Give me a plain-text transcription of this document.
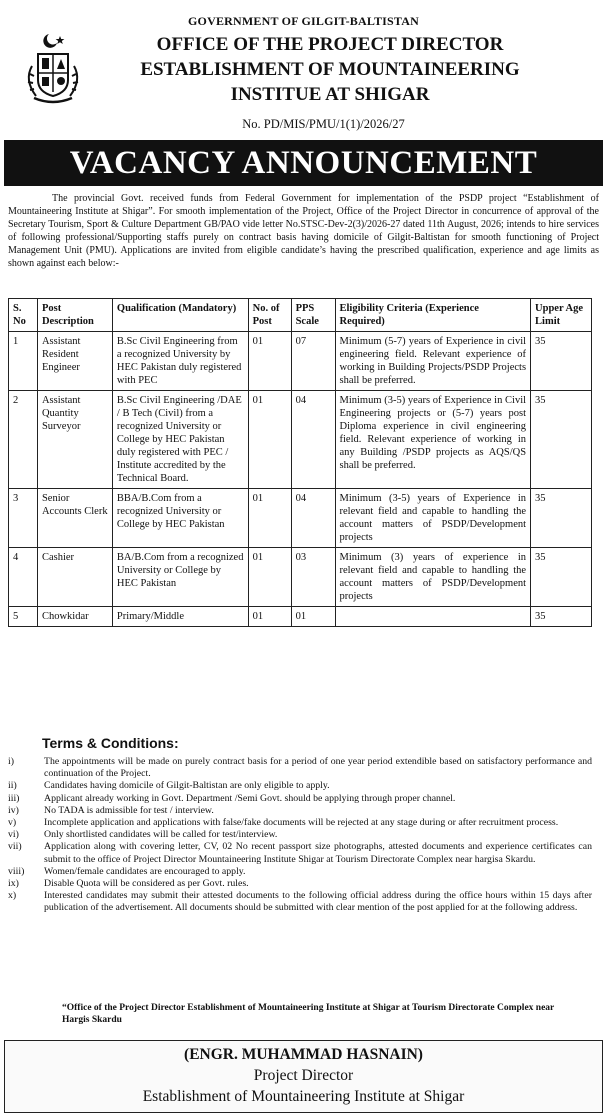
GOVERNMENT OF GILGIT-BALTISTAN
OFFICE OF THE PROJECT DIRECTOR
ESTABLISHMENT OF MOUNTAINEERING
INSTITUE AT SHIGAR
No. PD/MIS/PMU/1(1)/2026/27
VACANCY ANNOUNCEMENT

The provincial Govt. received funds from Federal Government for implementation of the PSDP project “Establishment of Mountaineering Institute at Shigar”. For smooth implementation of the Project, Office of the Project Director in concurrence of approval of the Secretary Tourism, Sport & Culture Department GB/PAO vide letter No.STSC-Dev-2(3)/2026-27 dated 11th August, 2026; intends to hire services of following professional/Supporting staffs purely on contract basis having domicile of Gilgit-Baltistan for smooth functioning of Project Management Unit (PMU). Applications are invited from eligible candidate’s having the prescribed qualification, experience and age limits as shown against each below:-

S. No	Post Description	Qualification (Mandatory)	No. of Post	PPS Scale	Eligibility Criteria (Experience Required)	Upper Age Limit
1	Assistant Resident Engineer	B.Sc Civil Engineering from a recognized University by HEC Pakistan duly registered with PEC	01	07	Minimum (5-7) years of Experience in civil engineering field. Relevant experience of working in Building Projects/PSDP Projects shall be preferred.	35
2	Assistant Quantity Surveyor	B.Sc Civil Engineering /DAE / B Tech (Civil) from a recognized University or College by HEC Pakistan duly registered with PEC / Institute accredited by the Technical Board.	01	04	Minimum (3-5) years of Experience in Civil Engineering projects or (5-7) years post Diploma experience in civil engineering field. Relevant experience of working in any Building /PSDP projects as AQS/QS shall be preferred.	35
3	Senior Accounts Clerk	BBA/B.Com from a recognized University or College by HEC Pakistan	01	04	Minimum (3-5) years of Experience in relevant field and capable to handling the account matters of PSDP/Development projects	35
4	Cashier	BA/B.Com from a recognized University or College by HEC Pakistan	01	03	Minimum (3) years of experience in relevant field and capable to handling the account matters of PSDP/Development projects	35
5	Chowkidar	Primary/Middle	01	01		35
Terms & Conditions:
i)	The appointments will be made on purely contract basis for a period of one year period extendible based on satisfactory performance and continuation of the Project.
ii)	Candidates having domicile of Gilgit-Baltistan are only eligible to apply.
iii)	Applicant already working in Govt. Department /Semi Govt. should be applying through proper channel.
iv)	No TADA is admissible for test / interview.
v)	Incomplete application and applications with false/fake documents will be rejected at any stage during or after recruitment process.
vi)	Only shortlisted candidates will be called for test/interview.
vii)	Application along with covering letter, CV, 02 No recent passport size photographs, attested documents and experience certificates can submit to the office of Project Director Mountaineering Institute Shigar at Tourism Directorate Complex near hargisa Skardu.
viii)	Women/female candidates are encouraged to apply.
ix)	Disable Quota will be considered as per Govt. rules.
x)	Interested candidates may submit their attested documents to the following official address during the office hours within 15 days after publication of the advertisement. All documents should be submitted with clear mention of the post applied for at the following address.
“Office of the Project Director Establishment of Mountaineering Institute at Shigar at Tourism Directorate Complex near Hargis Skardu
(ENGR. MUHAMMAD HASNAIN)
Project Director
Establishment of Mountaineering Institute at Shigar
